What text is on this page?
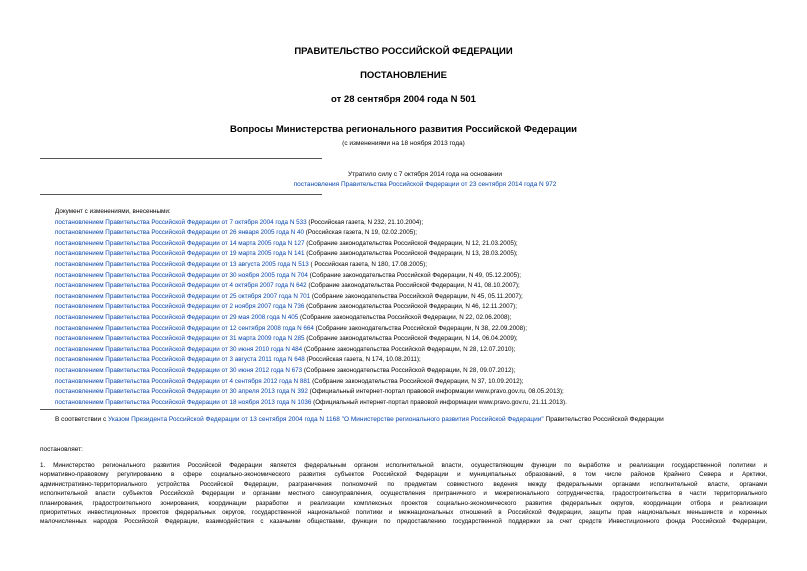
ПРАВИТЕЛЬСТВО РОССИЙСКОЙ ФЕДЕРАЦИИ
ПОСТАНОВЛЕНИЕ
от 28 сентября 2004 года N 501
Вопросы Министерства регионального развития Российской Федерации
(с изменениями на 18 ноября 2013 года)
Утратило силу с 7 октября 2014 года на основании
постановления Правительства Российской Федерации от 23 сентября 2014 года N 972
Документ с изменениями, внесенными:
постановлением Правительства Российской Федерации от 7 октября 2004 года N 533 (Российская газета, N 232, 21.10.2004);
постановлением Правительства Российской Федерации от 26 января 2005 года N 40 (Российская газета, N 19, 02.02.2005);
постановлением Правительства Российской Федерации от 14 марта 2005 года N 127 (Собрание законодательства Российской Федерации, N 12, 21.03.2005);
постановлением Правительства Российской Федерации от 19 марта 2005 года N 141 (Собрание законодательства Российской Федерации, N 13, 28.03.2005);
постановлением Правительства Российской Федерации от 13 августа 2005 года N 513 ( Российская газета, N 180, 17.08.2005);
постановлением Правительства Российской Федерации от 30 ноября 2005 года N 704 (Собрание законодательства Российской Федерации, N 49, 05.12.2005);
постановлением Правительства Российской Федерации от 4 октября 2007 года N 642 (Собрание законодательства Российской Федерации, N 41, 08.10.2007);
постановлением Правительства Российской Федерации от 25 октября 2007 года N 701 (Собрание законодательства Российской Федерации, N 45, 05.11.2007);
постановлением Правительства Российской Федерации от 2 ноября 2007 года N 736 (Собрание законодательства Российской Федерации, N 46, 12.11.2007);
постановлением Правительства Российской Федерации от 29 мая 2008 года N 405 (Собрание законодательства Российской Федерации, N 22, 02.06.2008);
постановлением Правительства Российской Федерации от 12 сентября 2008 года N 664 (Собрание законодательства Российской Федерации, N 38, 22.09.2008);
постановлением Правительства Российской Федерации от 31 марта 2009 года N 285 (Собрание законодательства Российской Федерации, N 14, 06.04.2009);
постановлением Правительства Российской Федерации от 30 июня 2010 года N 484 (Собрание законодательства Российской Федерации, N 28, 12.07.2010);
постановлением Правительства Российской Федерации от 3 августа 2011 года N 648 (Российская газета, N 174, 10.08.2011);
постановлением Правительства Российской Федерации от 30 июня 2012 года N 673 (Собрание законодательства Российской Федерации, N 28, 09.07.2012);
постановлением Правительства Российской Федерации от 4 сентября 2012 года N 881 (Собрание законодательства Российской Федерации, N 37, 10.09.2012);
постановлением Правительства Российской Федерации от 30 апреля 2013 года N 392 (Официальный интернет-портал правовой информации www.pravo.gov.ru, 08.05.2013);
постановлением Правительства Российской Федерации от 18 ноября 2013 года N 1036 (Официальный интернет-портал правовой информации www.pravo.gov.ru, 21.11.2013).
В соответствии с Указом Президента Российской Федерации от 13 сентября 2004 года N 1168 "О Министерстве регионального развития Российской Федерации" Правительство Российской Федерации
постановляет:
1. Министерство регионального развития Российской Федерации является федеральным органом исполнительной власти, осуществляющим функции по выработке и реализации государственной политики и
нормативно-правовому регулированию в сфере социально-экономического развития субъектов Российской Федерации и муниципальных образований, в том числе районов Крайнего Севера и Арктики,
административно-территориального устройства Российской Федерации, разграничения полномочий по предметам совместного ведения между федеральными органами исполнительной власти, органами
исполнительной власти субъектов Российской Федерации и органами местного самоуправления, осуществления приграничного и межрегионального сотрудничества, градостроительства в части территориального
планирования, градостроительного зонирования, координации разработки и реализации комплексных проектов социально-экономического развития федеральных округов, координации отбора и реализации
приоритетных инвестиционных проектов федеральных округов, государственной национальной политики и межнациональных отношений в Российской Федерации, защиты прав национальных меньшинств и коренных
малочисленных народов Российской Федерации, взаимодействия с казачьими обществами, функции по предоставлению государственной поддержки за счет средств Инвестиционного фонда Российской Федерации,
